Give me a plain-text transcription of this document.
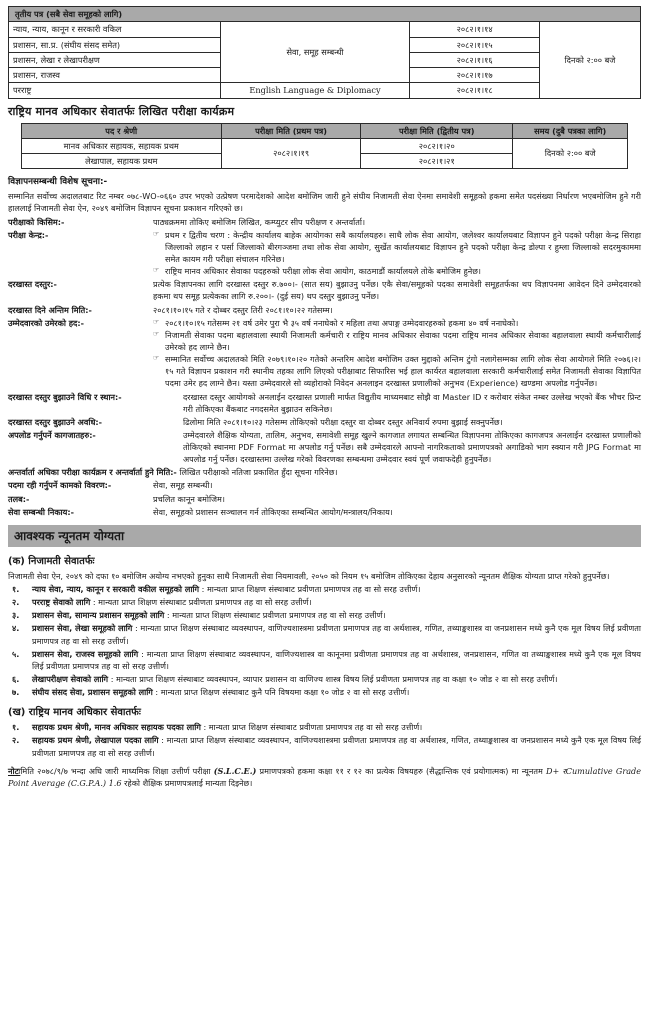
तृतीय पत्र (सबै सेवा समूहको लागि)			
न्याय, न्याय, कानून र सरकारी वकिल	सेवा, समूह सम्बन्धी	२०८२।१।१४	दिनको २:०० बजे
प्रशासन, सा.प्र. (संघीय संसद समेत)		२०८२।१।१५	
प्रशासन, लेखा र लेखापरीक्षण		२०८२।१।१६	
प्रशासन, राजस्व		२०८२।१।१७	
परराष्ट्र	English Language & Diplomacy	२०८२।१।१८	
राष्ट्रिय मानव अधिकार सेवातर्फः लिखित परीक्षा कार्यक्रम
पद र श्रेणी	परीक्षा मिति (प्रथम पत्र)	परीक्षा मिति (द्वितीय पत्र)	समय (दुबै पत्रका लागि)
मानव अधिकार सहायक, सहायक प्रथम	२०८२।१।१९	२०८२।१।२०	दिनको २:०० बजे
लेखापाल, सहायक प्रथम		२०८२।१।२१	
विज्ञापनसम्बन्धी विशेष सूचना:-

सम्मानित सर्वोच्च अदालतबाट रिट नम्बर ०७८-WO-०६६० उपर भएको उत्प्रेषण परमादेशको आदेश बमोजिम जारी हुने संघीय निजामती सेवा ऐनमा समावेशी समूहको हकमा समेत पदसंख्या निर्धारण भएबमोजिम हुने गरी हाललाई निजामती सेवा ऐन, २०४९ बमोजिम विज्ञापन सूचना प्रकाशन गरिएको छ।

परीक्षाको किसिम:-	पाठ्यक्रममा तोकिए बमोजिम लिखित, कम्प्युटर सीप परीक्षण र अन्तर्वार्ता।
परीक्षा केन्द्र:-	☞ प्रथम र द्वितीय चरण : केन्द्रीय कार्यालय बाहेक आयोगका सबै कार्यालयहरु। साथै लोक सेवा आयोग, जलेश्वर कार्यालयबाट विज्ञापन हुने पदको परीक्षा केन्द्र सिराहा जिल्लाको लहान र पर्सा जिल्लाको बीरगञ्जमा तथा लोक सेवा आयोग, सुर्खेत कार्यालयबाट विज्ञापन हुने पदको परीक्षा केन्द्र डोल्पा र हुम्ला जिल्लाको सदरमुकाममा समेत कायम गरी परीक्षा संचालन गरिनेछ।
☞ राष्ट्रिय मानव अधिकार सेवाका पदहरुको परीक्षा लोक सेवा आयोग, काठमाडौं कार्यालयले तोके बमोजिम हुनेछ।
दरखास्त दस्तुर:-	प्रत्येक विज्ञापनका लागि दरखास्त दस्तुर रु.७००।- (सात सय) बुझाउनु पर्नेछ। एकै सेवा/समूहको पदका समावेशी समूहतर्फका थप विज्ञापनमा आवेदन दिने उम्मेदवारको हकमा थप समूह प्रत्येकका लागि रु.२००।- (दुई सय) थप दस्तुर बुझाउनु पर्नेछ।
दरखास्त दिने अन्तिम मिति:-	२०८१।१०।१५ गते र दोब्बर दस्तुर तिरी २०८१।१०।२२ गतेसम्म।
उम्मेदवारको उमेरको हद:-	☞ २०८१।१०।१५ गतेसम्म २१ वर्ष उमेर पुरा भै ३५ वर्ष ननाघेको र महिला तथा अपाङ्ग उम्मेदवारहरुको हकमा ४० वर्ष ननाघेको।
☞ निजामती सेवाका पदमा बहालवाला स्थायी निजामती कर्मचारी र राष्ट्रिय मानव अधिकार सेवाका पदमा राष्ट्रिय मानव अधिकार सेवाका बहालवाला स्थायी कर्मचारीलाई उमेरको हद लाग्ने छैन।
☞ सम्मानित सर्वोच्च अदालतको मिति २०७९।१०।२० गतेको अन्तरिम आदेश बमोजिम उक्त मुद्दाको अन्तिम टुंगो नलागेसम्मका लागि लोक सेवा आयोगले मिति २०७६।२।१५ गते विज्ञापन प्रकाशन गरी स्थानीय तहका लागि लिएको परीक्षाबाट सिफारिस भई हाल कार्यरत बहालवाला सरकारी कर्मचारीलाई समेत निजामती सेवाका विज्ञापित पदमा उमेर हद लाग्ने छैन। यस्ता उम्मेदवारले सो व्यहोराको निवेदन अनलाइन दरखास्त प्रणालीको अनुभव (Experience) खण्डमा अपलोड गर्नुपर्नेछ।
दरखास्त दस्तुर बुझाउने विधि र स्थान:-	दरखास्त दस्तुर आयोगको अनलाईन दरखास्त प्रणाली मार्फत विद्युतीय माध्यमबाट सोझै वा Master ID र करोबार संकेत नम्बर उल्लेख भएको बैंक भौचर प्रिन्ट गरी तोकिएका बैंकबाट नगदसमेत बुझाउन सकिनेछ।
दरखास्त दस्तुर बुझाउने अवधि:-	ढिलोमा मिति २०८१।१०।२३ गतेसम्म तोकिएको परीक्षा दस्तुर वा दोब्बर दस्तुर अनिवार्य रुपमा बुझाई सक्नुपर्नेछ।
अपलोड गर्नुपर्ने कागजातहरु:-	उम्मेदवारले शैक्षिक योग्यता, तालिम, अनुभव, समावेशी समूह खुल्ने कागजात लगायत सम्बन्धित विज्ञापनमा तोकिएका कागजपत्र अनलाईन दरखास्त प्रणालीको तोकिएको स्थानमा PDF Format मा अपलोड गर्नु पर्नेछ। सबै उम्मेदवारले आफ्नो नागरिकताको प्रमाणपत्रको अगाडिको भाग स्क्यान गरी JPG Format मा अपलोड गर्नु पर्नेछ। दरखास्तमा उल्लेख गरेको विवरणका सम्बन्धमा उम्मेदवार स्वयं पूर्ण जवाफदेही हुनुपर्नेछ।

अन्तर्वार्ता अधिका परीक्षा कार्यक्रम र अन्तर्वार्ता हुने मिति:- लिखित परीक्षाको नतिजा प्रकाशित हुँदा सूचना गरिनेछ।

पदमा रही गर्नुपर्ने कामको विवरण:-	सेवा, समूह सम्बन्धी।
तलब:-	प्रचलित कानून बमोजिम।
सेवा सम्बन्धी निकाय:-	सेवा, समूहको प्रशासन सञ्चालन गर्न तोकिएका सम्बन्धित आयोग/मन्त्रालय/निकाय।
आवश्यक न्यूनतम योग्यता
(क) निजामती सेवातर्फः

निजामती सेवा ऐन, २०४९ को दफा १० बमोजिम अयोग्य नभएको हुनुका साथै निजामती सेवा नियमावली, २०५० को नियम १५ बमोजिम तोकिएका देहाय अनुसारको न्यूनतम शैक्षिक योग्यता प्राप्त गरेको हुनुपर्नेछ।

१.	न्याय सेवा, न्याय, कानून र सरकारी वकील समूहको लागि : मान्यता प्राप्त शिक्षण संस्थाबाट प्रवीणता प्रमाणपत्र तह वा सो सरह उत्तीर्ण।
२.	परराष्ट्र सेवाको लागि : मान्यता प्राप्त शिक्षण संस्थाबाट प्रवीणता प्रमाणपत्र तह वा सो सरह उत्तीर्ण।
३.	प्रशासन सेवा, सामान्य प्रशासन समूहको लागि : मान्यता प्राप्त शिक्षण संस्थाबाट प्रवीणता प्रमाणपत्र तह वा सो सरह उत्तीर्ण।
४.	प्रशासन सेवा, लेखा समूहको लागि : मान्यता प्राप्त शिक्षण संस्थाबाट व्यवस्थापन, वाणिज्यशास्त्रमा प्रवीणता प्रमाणपत्र तह वा अर्थशास्त्र, गणित, तथ्याङ्कशास्त्र वा जनप्रशासन मध्ये कुनै एक मूल विषय लिई प्रवीणता प्रमाणपत्र तह वा सो सरह उत्तीर्ण।
५.	प्रशासन सेवा, राजस्व समूहको लागि : मान्यता प्राप्त शिक्षण संस्थाबाट व्यवस्थापन, वाणिज्यशास्त्र वा कानूनमा प्रवीणता प्रमाणपत्र तह वा अर्थशास्त्र, जनप्रशासन, गणित वा तथ्याङ्कशास्त्र मध्ये कुनै एक मूल विषय लिई प्रवीणता प्रमाणपत्र तह वा सो सरह उत्तीर्ण।
६.	लेखापरीक्षण सेवाको लागि : मान्यता प्राप्त शिक्षण संस्थाबाट व्यवस्थापन, व्यापार प्रशासन वा वाणिज्य शास्त्र विषय लिई प्रवीणता प्रमाणपत्र तह वा कक्षा १० जोड २ वा सो सरह उत्तीर्ण।
७.	संघीय संसद सेवा, प्रशासन समूहको लागि : मान्यता प्राप्त शिक्षण संस्थाबाट कुनै पनि विषयमा कक्षा १० जोड २ वा सो सरह उत्तीर्ण।
(ख) राष्ट्रिय मानव अधिकार सेवातर्फः
१.	सहायक प्रथम श्रेणी, मानव अधिकार सहायक पदका लागि : मान्यता प्राप्त शिक्षण संस्थाबाट प्रवीणता प्रमाणपत्र तह वा सो सरह उत्तीर्ण।
२.	सहायक प्रथम श्रेणी, लेखापाल पदका लागि : मान्यता प्राप्त शिक्षण संस्थाबाट व्यवस्थापन, वाणिज्यशास्त्रमा प्रवीणता प्रमाणपत्र तह वा अर्थशास्त्र, गणित, तथ्याङ्कशास्त्र वा जनप्रशासन मध्ये कुनै एक मूल विषय लिई प्रवीणता प्रमाणपत्र तह वा सो सरह उत्तीर्ण।
नोटःमिति २०७८/९/७ भन्दा अघि जारी माध्यमिक शिक्षा उत्तीर्ण परीक्षा (S.L.C.E.) प्रमाणपत्रको हकमा कक्षा ११ र १२ का प्रत्येक विषयहरु (सैद्धान्तिक एवं प्रयोगात्मक) मा न्यूनतम D+ रCumulative Grade Point Average (C.G.P.A.) 1.6 रहेको शैक्षिक प्रमाणपत्रलाई मान्यता दिइनेछ।
